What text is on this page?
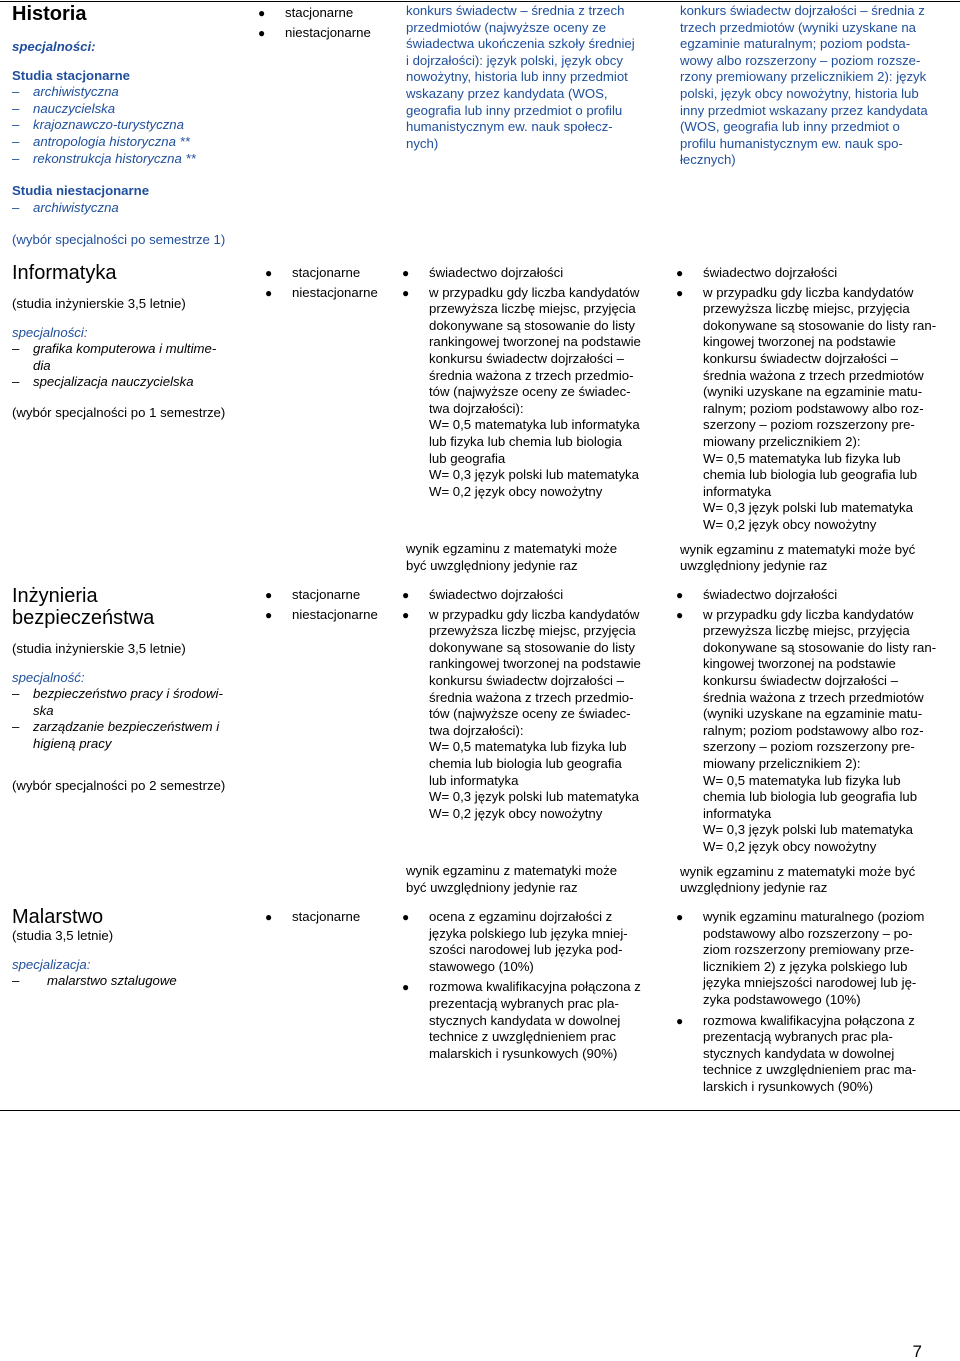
Historia
specjalności:
Studia stacjonarne
– archiwistyczna
– nauczycielska
– krajoznawczo-turystyczna
– antropologia historyczna **
– rekonstrukcja historyczna **
Studia niestacjonarne
– archiwistyczna
(wybór specjalności po semestrze 1)
● stacjonarne
● niestacjonarne
konkurs świadectw – średnia z trzech
przedmiotów (najwyższe oceny ze
świadectwa ukończenia szkoły średniej
i dojrzałości): język polski, język obcy
nowożytny, historia lub inny przedmiot
wskazany przez kandydata (WOS,
geografia lub inny przedmiot o profilu
humanistycznym ew. nauk społecz-
nych)
konkurs świadectw dojrzałości – średnia z
trzech przedmiotów (wyniki uzyskane na
egzaminie maturalnym; poziom podsta-
wowy albo rozszerzony – poziom rozsze-
rzony premiowany przelicznikiem 2): język
polski, język obcy nowożytny, historia lub
inny przedmiot wskazany przez kandydata
(WOS, geografia lub inny przedmiot o
profilu humanistycznym ew. nauk spo-
łecznych)
Informatyka
(studia inżynierskie 3,5 letnie)
specjalności:
– grafika komputerowa i multime-
dia
– specjalizacja nauczycielska
(wybór specjalności po 1 semestrze)
● stacjonarne
● niestacjonarne
● świadectwo dojrzałości
● w przypadku gdy liczba kandydatów
przewyższa liczbę miejsc, przyjęcia
dokonywane są stosowanie do listy
rankingowej tworzonej na podstawie
konkursu świadectw dojrzałości –
średnia ważona z trzech przedmio-
tów (najwyższe oceny ze świadec-
twa dojrzałości):
W= 0,5 matematyka lub informatyka
lub fizyka lub chemia lub biologia
lub geografia
W= 0,3 język polski lub matematyka
W= 0,2 język obcy nowożytny
wynik egzaminu z matematyki może
być uwzględniony jedynie raz
● świadectwo dojrzałości
● w przypadku gdy liczba kandydatów
przewyższa liczbę miejsc, przyjęcia
dokonywane są stosowanie do listy ran-
kingowej tworzonej na podstawie
konkursu świadectw dojrzałości –
średnia ważona z trzech przedmiotów
(wyniki uzyskane na egzaminie matu-
ralnym; poziom podstawowy albo roz-
szerzony – poziom rozszerzony pre-
miowany przelicznikiem 2):
W= 0,5 matematyka lub fizyka lub
chemia lub biologia lub geografia lub
informatyka
W= 0,3 język polski lub matematyka
W= 0,2 język obcy nowożytny
wynik egzaminu z matematyki może być
uwzględniony jedynie raz
Inżynieria
bezpieczeństwa
(studia inżynierskie 3,5 letnie)
specjalność:
– bezpieczeństwo pracy i środowi-
ska
– zarządzanie bezpieczeństwem i
higieną pracy
(wybór specjalności po 2 semestrze)
● stacjonarne
● niestacjonarne
● świadectwo dojrzałości
● w przypadku gdy liczba kandydatów
przewyższa liczbę miejsc, przyjęcia
dokonywane są stosowanie do listy
rankingowej tworzonej na podstawie
konkursu świadectw dojrzałości –
średnia ważona z trzech przedmio-
tów (najwyższe oceny ze świadec-
twa dojrzałości):
W= 0,5 matematyka lub fizyka lub
chemia lub biologia lub geografia
lub informatyka
W= 0,3 język polski lub matematyka
W= 0,2 język obcy nowożytny
wynik egzaminu z matematyki może
być uwzględniony jedynie raz
● świadectwo dojrzałości
● w przypadku gdy liczba kandydatów
przewyższa liczbę miejsc, przyjęcia
dokonywane są stosowanie do listy ran-
kingowej tworzonej na podstawie
konkursu świadectw dojrzałości –
średnia ważona z trzech przedmiotów
(wyniki uzyskane na egzaminie matu-
ralnym; poziom podstawowy albo roz-
szerzony – poziom rozszerzony pre-
miowany przelicznikiem 2):
W= 0,5 matematyka lub fizyka lub
chemia lub biologia lub geografia lub
informatyka
W= 0,3 język polski lub matematyka
W= 0,2 język obcy nowożytny
wynik egzaminu z matematyki może być
uwzględniony jedynie raz
Malarstwo
(studia 3,5 letnie)
specjalizacja:
– malarstwo sztalugowe
● stacjonarne
●	ocena z egzaminu dojrzałości z
języka polskiego lub języka mniej-
szości narodowej lub języka pod-
stawowego (10%)
● rozmowa kwalifikacyjna połączona z
prezentacją wybranych prac pla-
stycznych kandydata w dowolnej
technice z uwzględnieniem prac
malarskich i rysunkowych (90%)
● wynik egzaminu maturalnego (poziom
podstawowy albo rozszerzony – po-
ziom rozszerzony premiowany prze-
licznikiem 2) z języka polskiego lub
języka mniejszości narodowej lub ję-
zyka podstawowego (10%)
● rozmowa kwalifikacyjna połączona z
prezentacją wybranych prac pla-
stycznych kandydata w dowolnej
technice z uwzględnieniem prac ma-
larskich i rysunkowych (90%)
7
